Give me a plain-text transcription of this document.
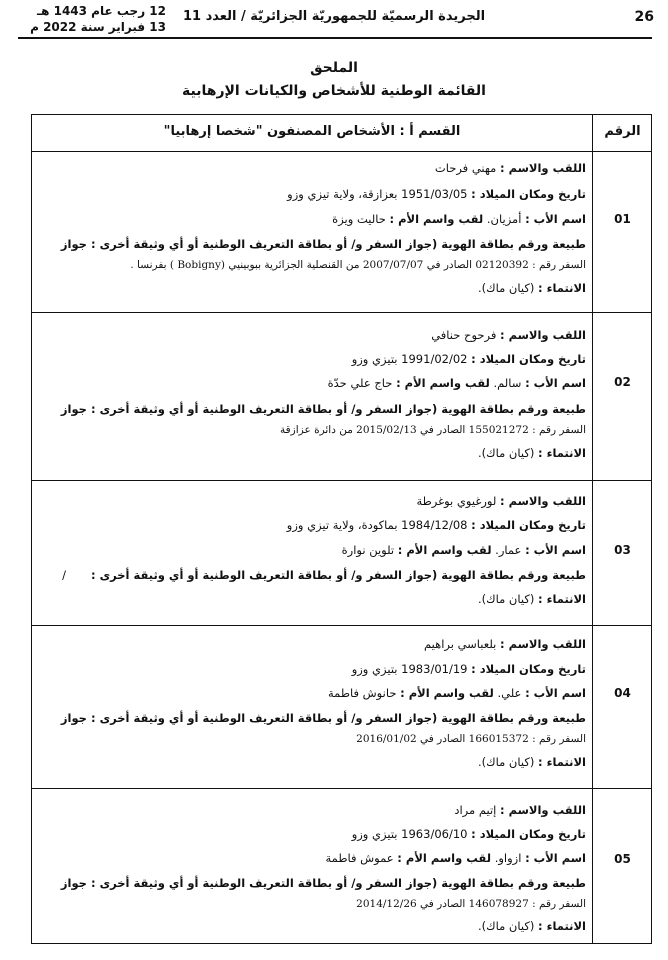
26
الجريدة الرسميّة للجمهوريّة الجزائريّة / العدد 11
12 رجب عام 1443 هـ
13 فبراير سنة 2022 م
الملحق
القائمة الوطنية للأشخاص والكيانات الإرهابية
الرقم
القسم أ : الأشخاص المصنفون "شخصا إرهابيا"
01
اللقب والاسم : مهني فرحات
تاريخ ومكان الميلاد : 1951/03/05 بعزازقة، ولاية تيزي وزو
اسم الأب : أمزيان. لقب واسم الأم : حاليت ويزة
طبيعة ورقم بطاقة الهوية (جواز السفر و/ أو بطاقة التعريف الوطنية أو أي وثيقة أخرى : جواز
السفر رقم : 02120392 الصادر في 2007/07/07 من القنصلية الجزائرية ببوبينيي (Bobigny ) بفرنسا .
الانتماء : (كيان ماك).
02
اللقب والاسم : فرحوح حنافي
تاريخ ومكان الميلاد : 1991/02/02 بتيزي وزو
اسم الأب : سالم. لقب واسم الأم : حاج علي حدّة
طبيعة ورقم بطاقة الهوية (جواز السفر و/ أو بطاقة التعريف الوطنية أو أي وثيقة أخرى : جواز
السفر رقم : 155021272 الصادر في 2015/02/13 من دائرة عزازقة
الانتماء : (كيان ماك).
03
اللقب والاسم : لورغيوي بوغرطة
تاريخ ومكان الميلاد : 1984/12/08 بماكودة، ولاية تيزي وزو
اسم الأب : عمار. لقب واسم الأم : تلوين نوارة
طبيعة ورقم بطاقة الهوية (جواز السفر و/ أو بطاقة التعريف الوطنية أو أي وثيقة أخرى :
/
الانتماء : (كيان ماك).
04
اللقب والاسم : بلعباسي براهيم
تاريخ ومكان الميلاد : 1983/01/19 بتيزي وزو
اسم الأب : علي. لقب واسم الأم : حانوش فاطمة
طبيعة ورقم بطاقة الهوية (جواز السفر و/ أو بطاقة التعريف الوطنية أو أي وثيقة أخرى : جواز
السفر رقم : 166015372 الصادر في 2016/01/02
الانتماء : (كيان ماك).
05
اللقب والاسم : إتيم مراد
تاريخ ومكان الميلاد : 1963/06/10 بتيزي وزو
اسم الأب : ازواو. لقب واسم الأم : عموش فاطمة
طبيعة ورقم بطاقة الهوية (جواز السفر و/ أو بطاقة التعريف الوطنية أو أي وثيقة أخرى : جواز
السفر رقم : 146078927 الصادر في 2014/12/26
الانتماء : (كيان ماك).
